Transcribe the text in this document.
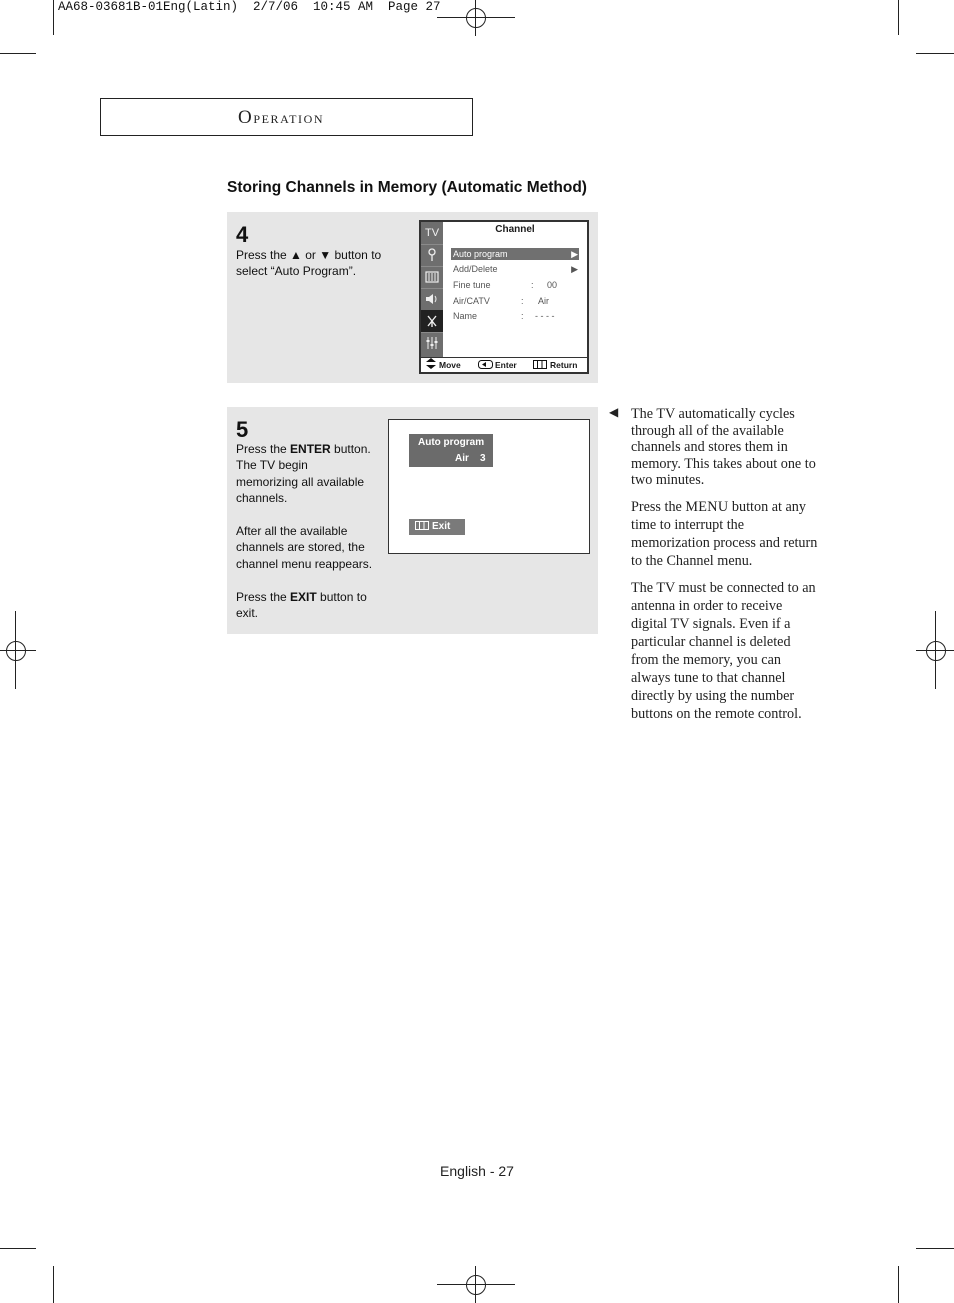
AA68-03681B-01Eng(Latin)  2/7/06  10:45 AM  Page 27
OPERATION
Storing Channels in Memory (Automatic Method)
4
Press the ▲ or ▼ button to
select “Auto Program”.
TV	Channel
Auto program	▶
Add/Delete	▶
Fine tune	: 00
Air/CATV	: Air
Name	: - - - -
Move	Enter	Return
5
Press the ENTER button.
The TV begin
memorizing all available
channels.
After all the available
channels are stored, the
channel menu reappears.
Press the EXIT button to
exit.
Auto program
Air 3
Exit
◀ The TV automatically cycles
through all of the available
channels and stores them in
memory. This takes about one to
two minutes.
Press the MENU button at any
time to interrupt the
memorization process and return
to the Channel menu.
The TV must be connected to an
antenna in order to receive
digital TV signals. Even if a
particular channel is deleted
from the memory, you can
always tune to that channel
directly by using the number
buttons on the remote control.
English - 27
